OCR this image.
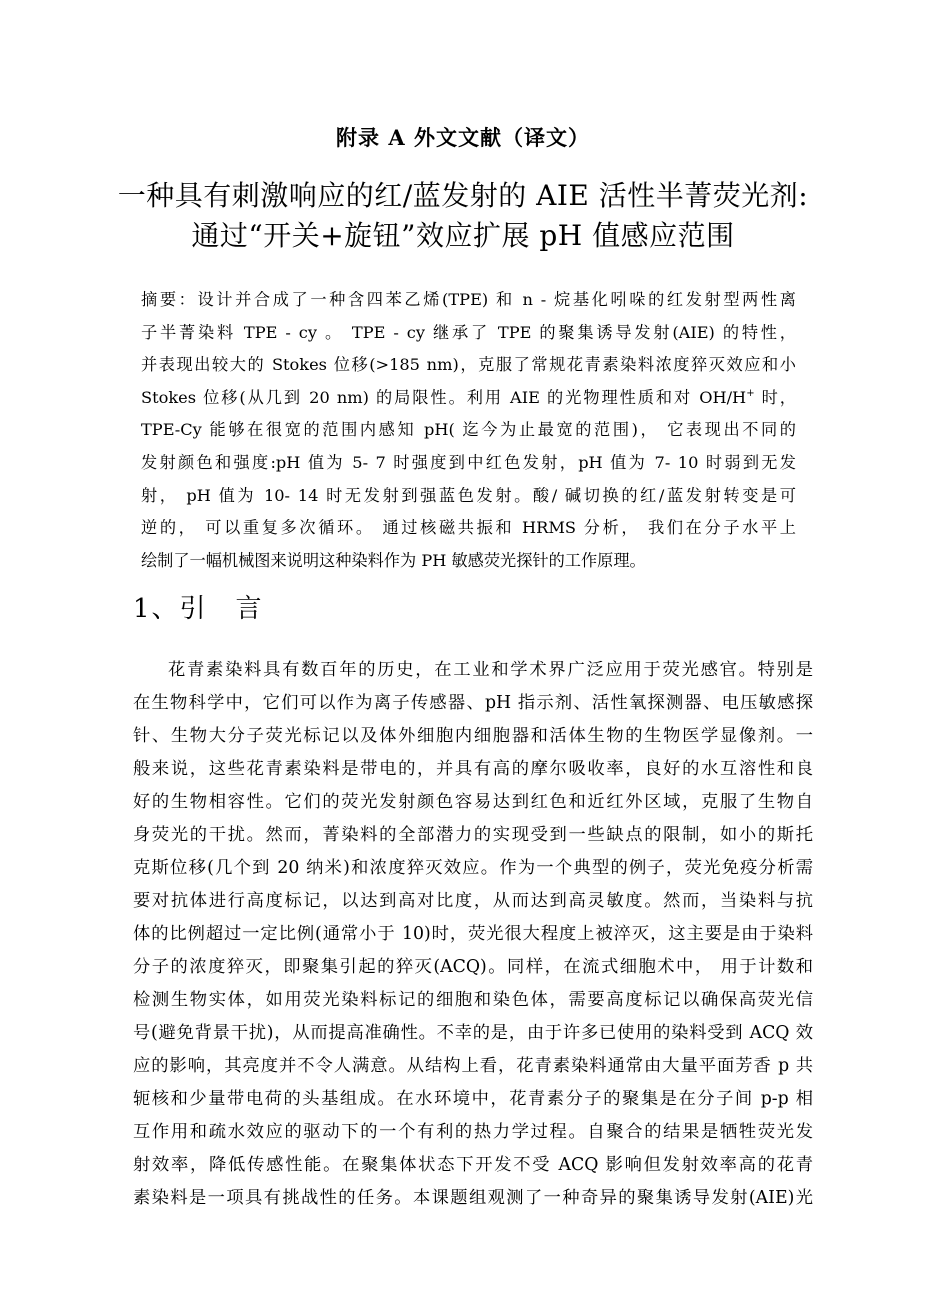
附录 A 外文文献（译文）
一种具有刺激响应的红/蓝发射的 AIE 活性半菁荧光剂:
通过“开关+旋钮”效应扩展 pH 值感应范围
摘要：设计并合成了一种含四苯乙烯(TPE) 和 n - 烷基化吲哚的红发射型两性离
子半菁染料 TPE - cy 。 TPE - cy 继承了 TPE 的聚集诱导发射(AIE) 的特性，
并表现出较大的 Stokes 位移(>185 nm)，克服了常规花青素染料浓度猝灭效应和小
Stokes 位移(从几到 20 nm) 的局限性。利用 AIE 的光物理性质和对 OH/H+ 时，
TPE-Cy 能够在很宽的范围内感知 pH( 迄今为止最宽的范围)， 它表现出不同的
发射颜色和强度:pH 值为 5- 7 时强度到中红色发射，pH 值为 7- 10 时弱到无发
射， pH 值为 10- 14 时无发射到强蓝色发射。酸/ 碱切换的红/蓝发射转变是可
逆的， 可以重复多次循环。 通过核磁共振和 HRMS 分析， 我们在分子水平上
绘制了一幅机械图来说明这种染料作为 PH 敏感荧光探针的工作原理。
1、引　言
花青素染料具有数百年的历史，在工业和学术界广泛应用于荧光感官。特别是
在生物科学中，它们可以作为离子传感器、pH 指示剂、活性氧探测器、电压敏感探
针、生物大分子荧光标记以及体外细胞内细胞器和活体生物的生物医学显像剂。一
般来说，这些花青素染料是带电的，并具有高的摩尔吸收率，良好的水互溶性和良
好的生物相容性。它们的荧光发射颜色容易达到红色和近红外区域，克服了生物自
身荧光的干扰。然而，菁染料的全部潜力的实现受到一些缺点的限制，如小的斯托
克斯位移(几个到 20 纳米)和浓度猝灭效应。作为一个典型的例子，荧光免疫分析需
要对抗体进行高度标记，以达到高对比度，从而达到高灵敏度。然而，当染料与抗
体的比例超过一定比例(通常小于 10)时，荧光很大程度上被淬灭，这主要是由于染料
分子的浓度猝灭，即聚集引起的猝灭(ACQ)。同样，在流式细胞术中， 用于计数和
检测生物实体，如用荧光染料标记的细胞和染色体，需要高度标记以确保高荧光信
号(避免背景干扰)，从而提高准确性。不幸的是，由于许多已使用的染料受到 ACQ 效
应的影响，其亮度并不令人满意。从结构上看，花青素染料通常由大量平面芳香 p 共
轭核和少量带电荷的头基组成。在水环境中，花青素分子的聚集是在分子间 p-p 相
互作用和疏水效应的驱动下的一个有利的热力学过程。自聚合的结果是牺牲荧光发
射效率，降低传感性能。在聚集体状态下开发不受 ACQ 影响但发射效率高的花青
素染料是一项具有挑战性的任务。本课题组观测了一种奇异的聚集诱导发射(AIE)光
